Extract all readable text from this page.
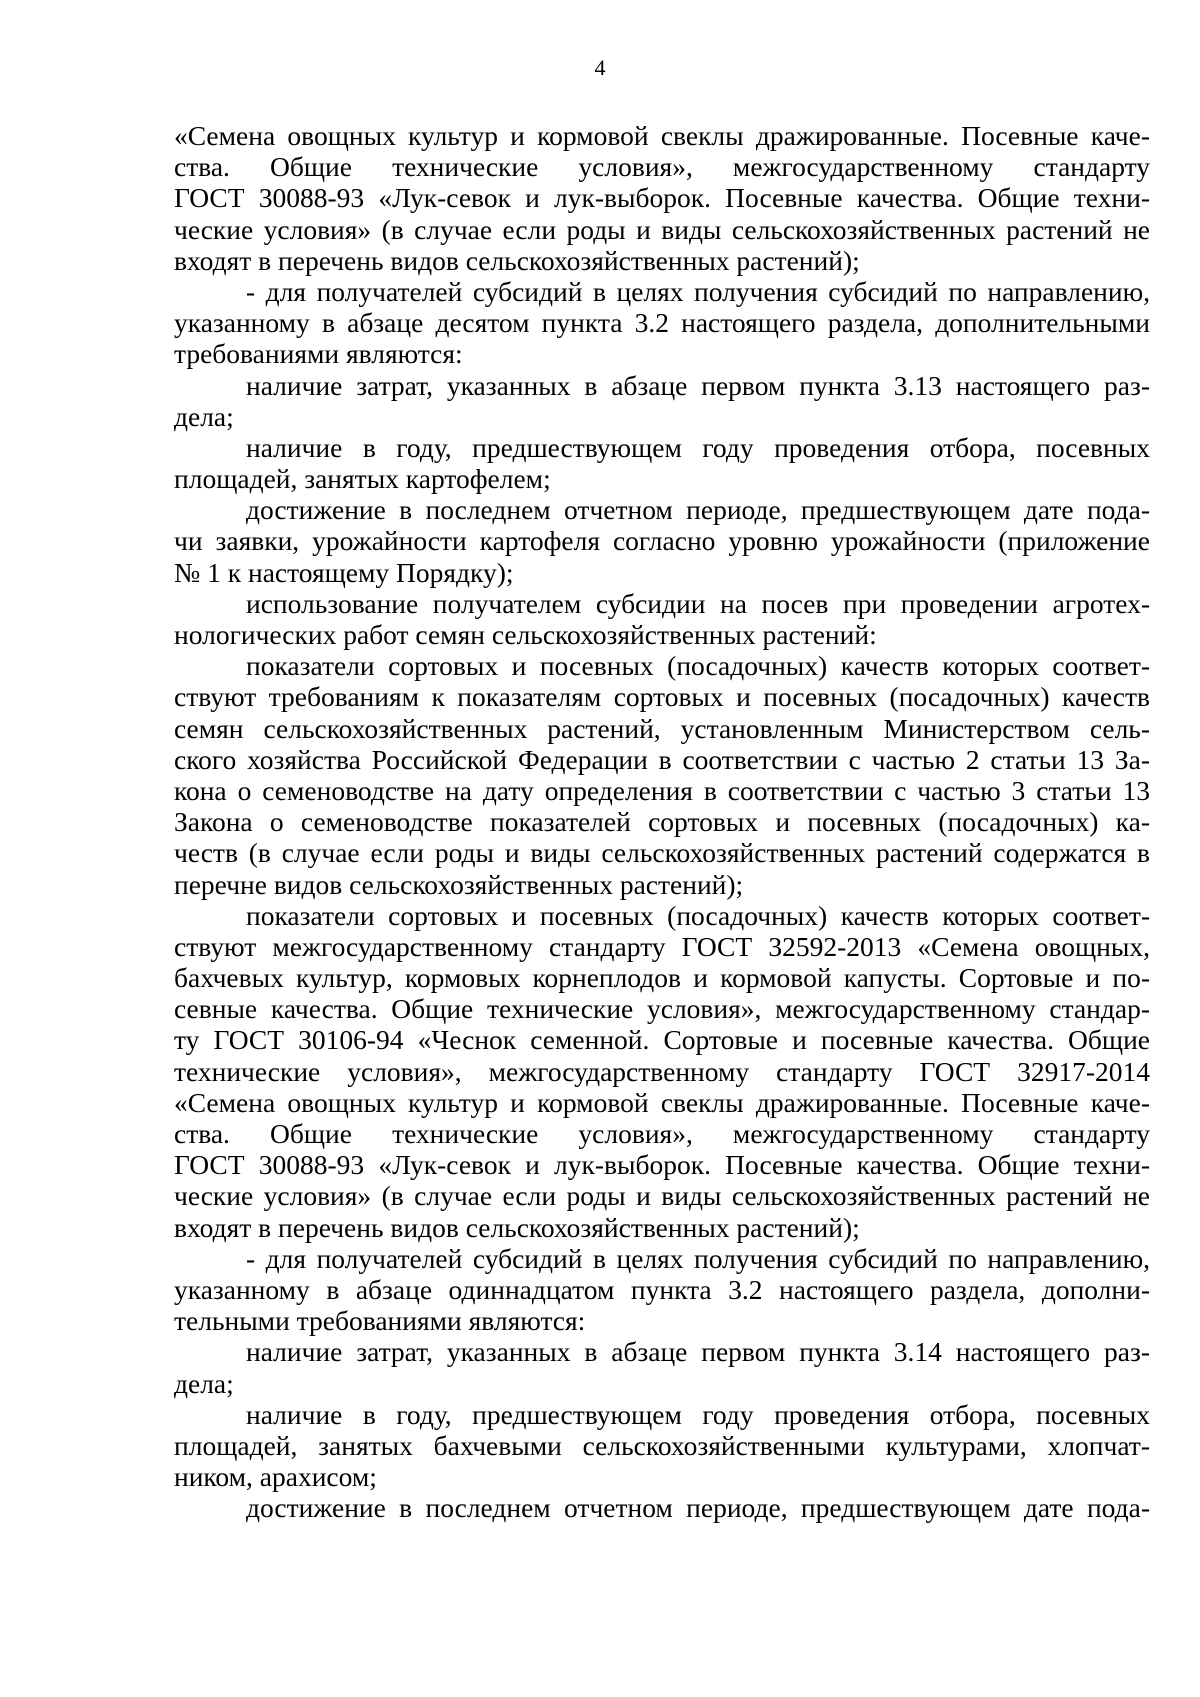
4
«Семена овощных культур и кормовой свеклы дражированные. Посевные каче-
ства. Общие технические условия», межгосударственному стандарту
ГОСТ 30088-93 «Лук-севок и лук-выборок. Посевные качества. Общие техни-
ческие условия» (в случае если роды и виды сельскохозяйственных растений не
входят в перечень видов сельскохозяйственных растений);
- для получателей субсидий в целях получения субсидий по направлению,
указанному в абзаце десятом пункта 3.2 настоящего раздела, дополнительными
требованиями являются:
наличие затрат, указанных в абзаце первом пункта 3.13 настоящего раз-
дела;
наличие в году, предшествующем году проведения отбора, посевных
площадей, занятых картофелем;
достижение в последнем отчетном периоде, предшествующем дате пода-
чи заявки, урожайности картофеля согласно уровню урожайности (приложение
№ 1 к настоящему Порядку);
использование получателем субсидии на посев при проведении агротех-
нологических работ семян сельскохозяйственных растений:
показатели сортовых и посевных (посадочных) качеств которых соответ-
ствуют требованиям к показателям сортовых и посевных (посадочных) качеств
семян сельскохозяйственных растений, установленным Министерством сель-
ского хозяйства Российской Федерации в соответствии с частью 2 статьи 13 За-
кона о семеноводстве на дату определения в соответствии с частью 3 статьи 13
Закона о семеноводстве показателей сортовых и посевных (посадочных) ка-
честв (в случае если роды и виды сельскохозяйственных растений содержатся в
перечне видов сельскохозяйственных растений);
показатели сортовых и посевных (посадочных) качеств которых соответ-
ствуют межгосударственному стандарту ГОСТ 32592-2013 «Семена овощных,
бахчевых культур, кормовых корнеплодов и кормовой капусты. Сортовые и по-
севные качества. Общие технические условия», межгосударственному стандар-
ту ГОСТ 30106-94 «Чеснок семенной. Сортовые и посевные качества. Общие
технические условия», межгосударственному стандарту ГОСТ 32917-2014
«Семена овощных культур и кормовой свеклы дражированные. Посевные каче-
ства. Общие технические условия», межгосударственному стандарту
ГОСТ 30088-93 «Лук-севок и лук-выборок. Посевные качества. Общие техни-
ческие условия» (в случае если роды и виды сельскохозяйственных растений не
входят в перечень видов сельскохозяйственных растений);
- для получателей субсидий в целях получения субсидий по направлению,
указанному в абзаце одиннадцатом пункта 3.2 настоящего раздела, дополни-
тельными требованиями являются:
наличие затрат, указанных в абзаце первом пункта 3.14 настоящего раз-
дела;
наличие в году, предшествующем году проведения отбора, посевных
площадей, занятых бахчевыми сельскохозяйственными культурами, хлопчат-
ником, арахисом;
достижение в последнем отчетном периоде, предшествующем дате пода-
